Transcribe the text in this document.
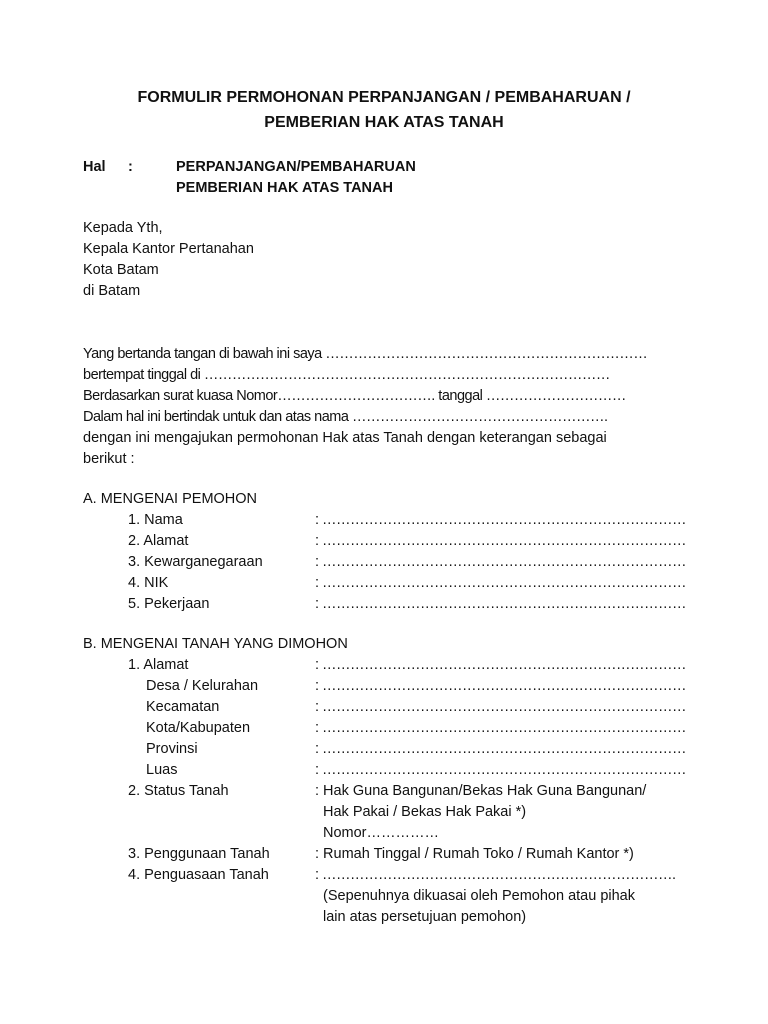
FORMULIR PERMOHONAN PERPANJANGAN / PEMBAHARUAN /
PEMBERIAN HAK ATAS TANAH
Hal :	PERPANJANGAN/PEMBAHARUAN
PEMBERIAN HAK ATAS TANAH
Kepada Yth,
Kepala Kantor Pertanahan
Kota Batam
di Batam
Yang bertanda tangan di bawah ini saya ……………………………………………………………
bertempat tinggal di ……………………………………………………………………………
Berdasarkan surat kuasa Nomor……………………………. tanggal …………………………
Dalam hal ini bertindak untuk dan atas nama ……………………………………………….
dengan ini mengajukan permohonan Hak atas Tanah dengan keterangan sebagai
berikut :
A. MENGENAI PEMOHON
1. Nama	: ……………………………………………………………………
2. Alamat	: ……………………………………………………………………
3. Kewarganegaraan	: ……………………………………………………………………
4. NIK	: ……………………………………………………………………
5. Pekerjaan	: ……………………………………………………………………
B. MENGENAI TANAH YANG DIMOHON
1. Alamat	: ……………………………………………………………………
Desa / Kelurahan	: ……………………………………………………………………
Kecamatan	: ……………………………………………………………………
Kota/Kabupaten	: ……………………………………………………………………
Provinsi	: ……………………………………………………………………
Luas	: ……………………………………………………………………
2. Status Tanah	: Hak Guna Bangunan/Bekas Hak Guna Bangunan/
Hak Pakai / Bekas Hak Pakai *)
Nomor……………
3. Penggunaan Tanah	: Rumah Tinggal / Rumah Toko / Rumah Kantor *)
4. Penguasaan Tanah	: ………………………………………………………………….
(Sepenuhnya dikuasai oleh Pemohon atau pihak
lain atas persetujuan pemohon)
